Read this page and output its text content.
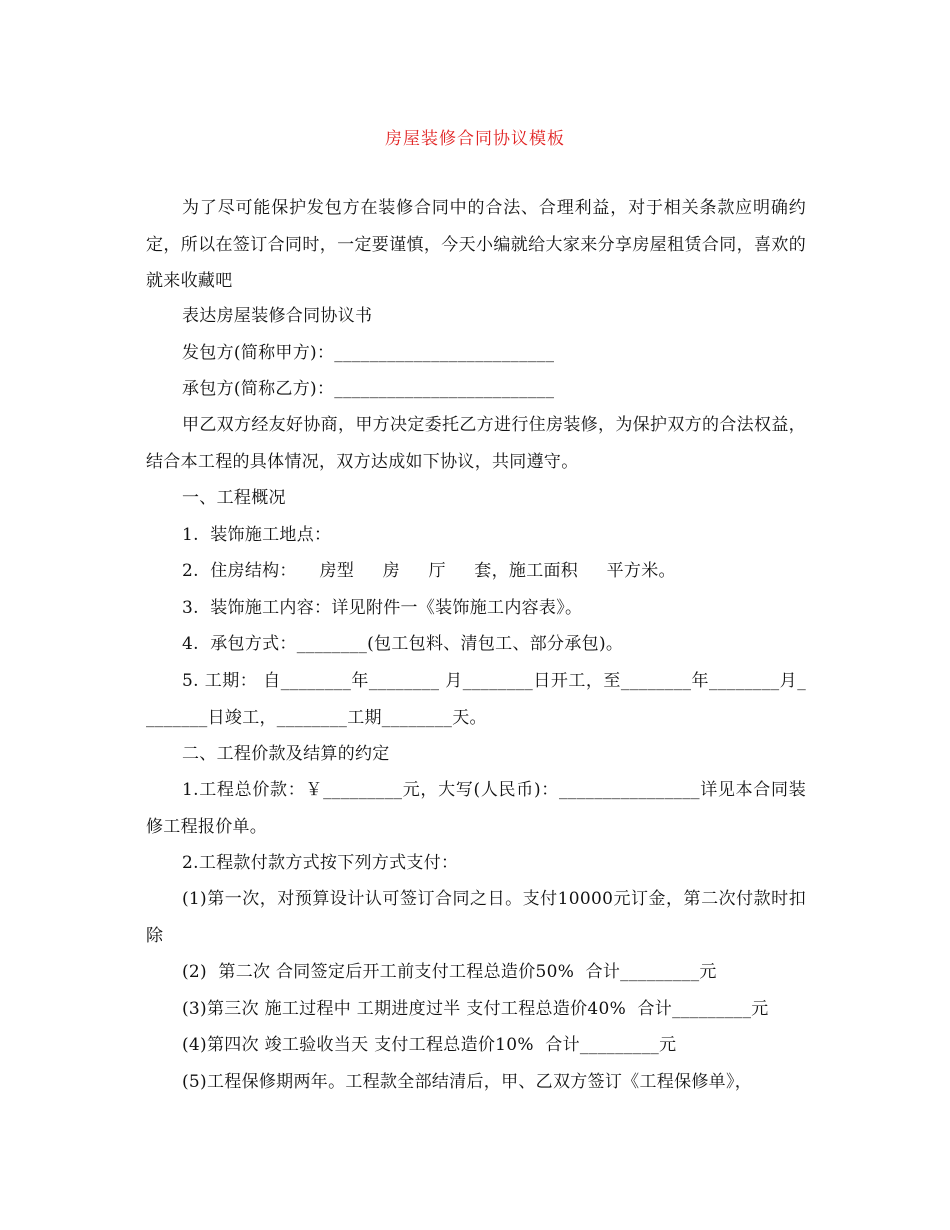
房屋装修合同协议模板
为了尽可能保护发包方在装修合同中的合法、合理利益，对于相关条款应明确约定，所以在签订合同时，一定要谨慎，今天小编就给大家来分享房屋租赁合同，喜欢的就来收藏吧
表达房屋装修合同协议书
发包方(简称甲方)：_________________________
承包方(简称乙方)：_________________________
甲乙双方经友好协商，甲方决定委托乙方进行住房装修，为保护双方的合法权益，结合本工程的具体情况，双方达成如下协议，共同遵守。
一、工程概况
1.  装饰施工地点：
2.  住房结构：    房型     房     厅     套，施工面积     平方米。
3.  装饰施工内容：详见附件一《装饰施工内容表》。
4.  承包方式：________(包工包料、清包工、部分承包)。
5. 工期： 自________年________ 月________日开工，至________年________月________日竣工，________工期________天。
二、工程价款及结算的约定
1.工程总价款：￥_________元，大写(人民币)：________________详见本合同装修工程报价单。
2.工程款付款方式按下列方式支付：
(1)第一次，对预算设计认可签订合同之日。支付10000元订金，第二次付款时扣除
(2)  第二次 合同签定后开工前支付工程总造价50%  合计_________元
(3)第三次 施工过程中 工期进度过半 支付工程总造价40%  合计_________元
(4)第四次 竣工验收当天 支付工程总造价10%  合计_________元
(5)工程保修期两年。工程款全部结清后，甲、乙双方签订《工程保修单》，
